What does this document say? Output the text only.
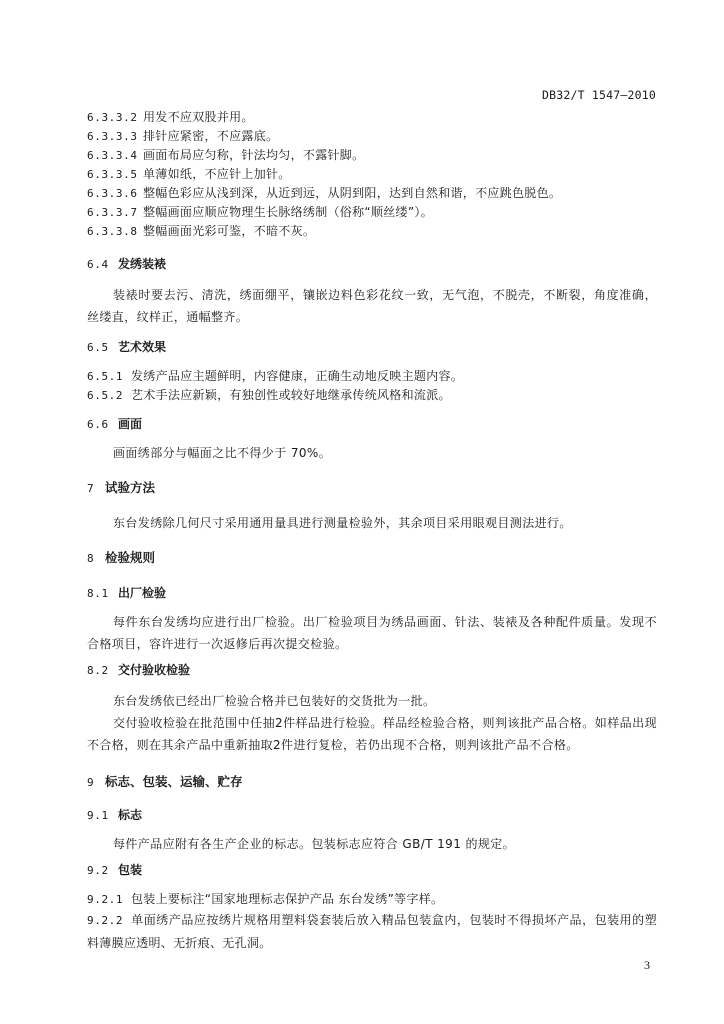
DB32/T 1547—2010
6.3.3.2 用发不应双股并用。
6.3.3.3 排针应紧密，不应露底。
6.3.3.4 画面布局应匀称，针法均匀，不露针脚。
6.3.3.5 单薄如纸，不应针上加针。
6.3.3.6 整幅色彩应从浅到深，从近到远，从阴到阳，达到自然和谐，不应跳色脱色。
6.3.3.7 整幅画面应顺应物理生长脉络绣制（俗称“顺丝缕”）。
6.3.3.8 整幅画面光彩可鉴，不暗不灰。
6.4 发绣装裱
装裱时要去污、清洗，绣面绷平，镶嵌边料色彩花纹一致，无气泡，不脱壳，不断裂，角度准确，丝缕直，纹样正，通幅整齐。
6.5 艺术效果
6.5.1 发绣产品应主题鲜明，内容健康，正确生动地反映主题内容。
6.5.2 艺术手法应新颖，有独创性或较好地继承传统风格和流派。
6.6 画面
画面绣部分与幅面之比不得少于 70%。
7 试验方法
东台发绣除几何尺寸采用通用量具进行测量检验外，其余项目采用眼观目测法进行。
8 检验规则
8.1 出厂检验
每件东台发绣均应进行出厂检验。出厂检验项目为绣品画面、针法、装裱及各种配件质量。发现不合格项目，容许进行一次返修后再次提交检验。
8.2 交付验收检验
东台发绣依已经出厂检验合格并已包装好的交货批为一批。
交付验收检验在批范围中任抽2件样品进行检验。样品经检验合格，则判该批产品合格。如样品出现不合格，则在其余产品中重新抽取2件进行复检，若仍出现不合格，则判该批产品不合格。
9 标志、包装、运输、贮存
9.1 标志
每件产品应附有各生产企业的标志。包装标志应符合 GB/T 191 的规定。
9.2 包装
9.2.1 包装上要标注“国家地理标志保护产品 东台发绣”等字样。
9.2.2 单面绣产品应按绣片规格用塑料袋套装后放入精品包装盒内，包装时不得损坏产品，包装用的塑料薄膜应透明、无折痕、无孔洞。
3
